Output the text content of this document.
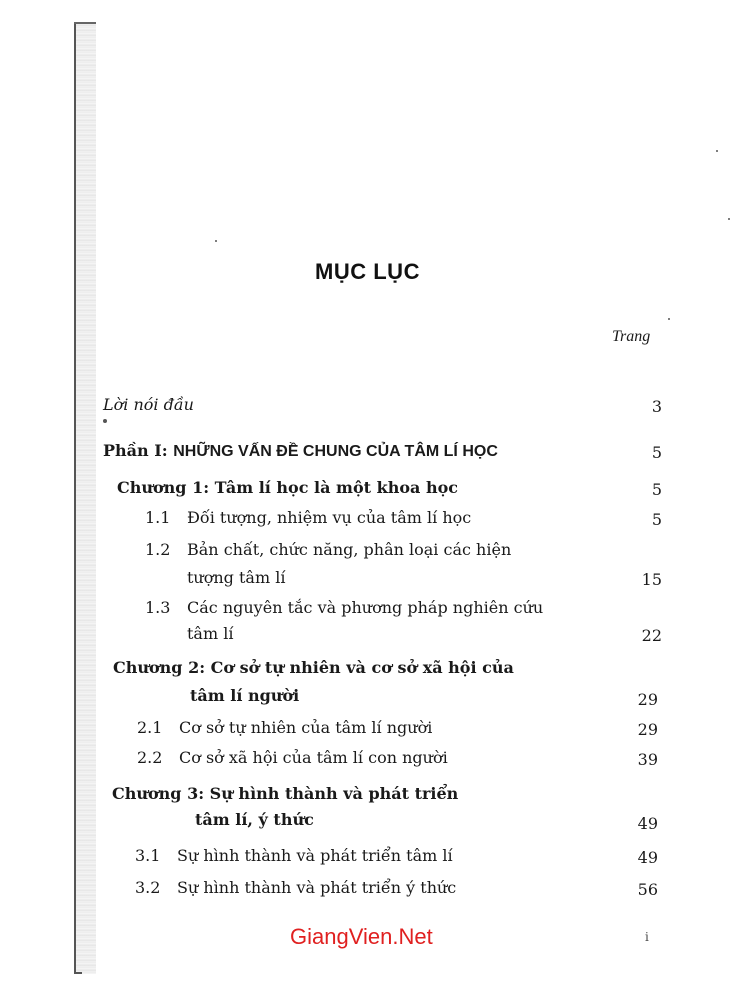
MỤC LỤC
Trang
Lời nói đầu	3
Phần I: NHỮNG VẤN ĐỀ CHUNG CỦA TÂM LÍ HỌC	5
Chương 1: Tâm lí học là một khoa học	5
1.1 Đối tượng, nhiệm vụ của tâm lí học	5
1.2 Bản chất, chức năng, phân loại các hiện
tượng tâm lí	15
1.3 Các nguyên tắc và phương pháp nghiên cứu
tâm lí	22
Chương 2: Cơ sở tự nhiên và cơ sở xã hội của
tâm lí người	29
2.1 Cơ sở tự nhiên của tâm lí người	29
2.2 Cơ sở xã hội của tâm lí con người	39
Chương 3: Sự hình thành và phát triển
tâm lí, ý thức	49
3.1 Sự hình thành và phát triển tâm lí	49
3.2 Sự hình thành và phát triển ý thức	56
GiangVien.Net	i
